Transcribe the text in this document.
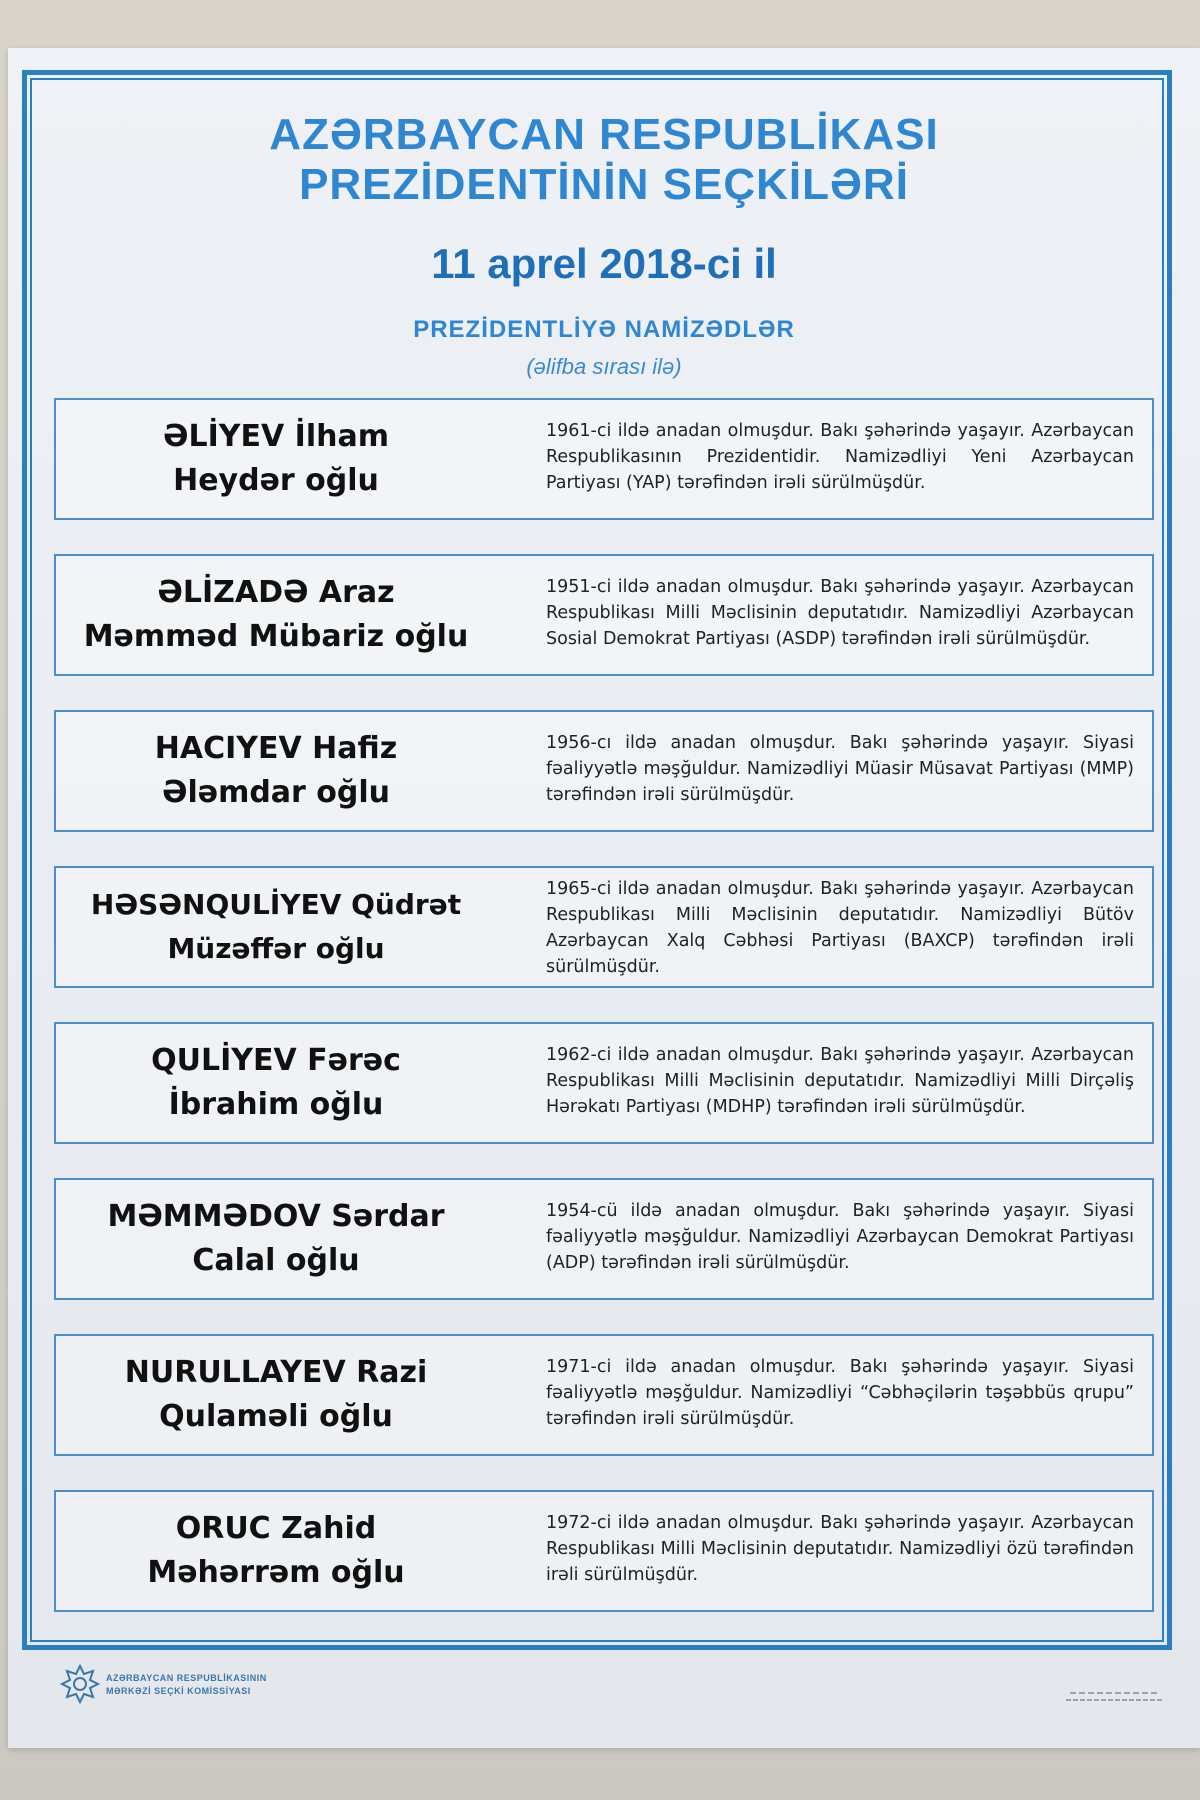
AZƏRBAYCAN RESPUBLİKASI
PREZİDENTİNİN SEÇKİLƏRİ
11 aprel 2018-ci il
PREZİDENTLİYƏ NAMİZƏDLƏR
(əlifba sırası ilə)
ƏLİYEV İlham
Heydər oğlu
1961-ci ildə anadan olmuşdur. Bakı şəhərində yaşayır. Azərbaycan Respublikasının Prezidentidir. Namizədliyi Yeni Azərbaycan Partiyası (YAP) tərəfindən irəli sürülmüşdür.
ƏLİZADƏ Araz
Məmməd Mübariz oğlu
1951-ci ildə anadan olmuşdur. Bakı şəhərində yaşayır. Azərbaycan Respublikası Milli Məclisinin deputatıdır. Namizədliyi Azərbaycan Sosial Demokrat Partiyası (ASDP) tərəfindən irəli sürülmüşdür.
HACIYEV Hafiz
Ələmdar oğlu
1956-cı ildə anadan olmuşdur. Bakı şəhərində yaşayır. Siyasi fəaliyyətlə məşğuldur. Namizədliyi Müasir Müsavat Partiyası (MMP) tərəfindən irəli sürülmüşdür.
HƏSƏNQULİYEV Qüdrət
Müzəffər oğlu
1965-ci ildə anadan olmuşdur. Bakı şəhərində yaşayır. Azərbaycan Respublikası Milli Məclisinin deputatıdır. Namizədliyi Bütöv Azərbaycan Xalq Cəbhəsi Partiyası (BAXCP) tərəfindən irəli sürülmüşdür.
QULİYEV Fərəc
İbrahim oğlu
1962-ci ildə anadan olmuşdur. Bakı şəhərində yaşayır. Azərbaycan Respublikası Milli Məclisinin deputatıdır. Namizədliyi Milli Dirçəliş Hərəkatı Partiyası (MDHP) tərəfindən irəli sürülmüşdür.
MƏMMƏDOV Sərdar
Calal oğlu
1954-cü ildə anadan olmuşdur. Bakı şəhərində yaşayır. Siyasi fəaliyyətlə məşğuldur. Namizədliyi Azərbaycan Demokrat Partiyası (ADP) tərəfindən irəli sürülmüşdür.
NURULLAYEV Razi
Qulaməli oğlu
1971-ci ildə anadan olmuşdur. Bakı şəhərində yaşayır. Siyasi fəaliyyətlə məşğuldur. Namizədliyi “Cəbhəçilərin təşəbbüs qrupu” tərəfindən irəli sürülmüşdür.
ORUC Zahid
Məhərrəm oğlu
1972-ci ildə anadan olmuşdur. Bakı şəhərində yaşayır. Azərbaycan Respublikası Milli Məclisinin deputatıdır. Namizədliyi özü tərəfindən irəli sürülmüşdür.
AZƏRBAYCAN RESPUBLİKASININ
MƏRKƏZİ SEÇKİ KOMİSSİYASI
